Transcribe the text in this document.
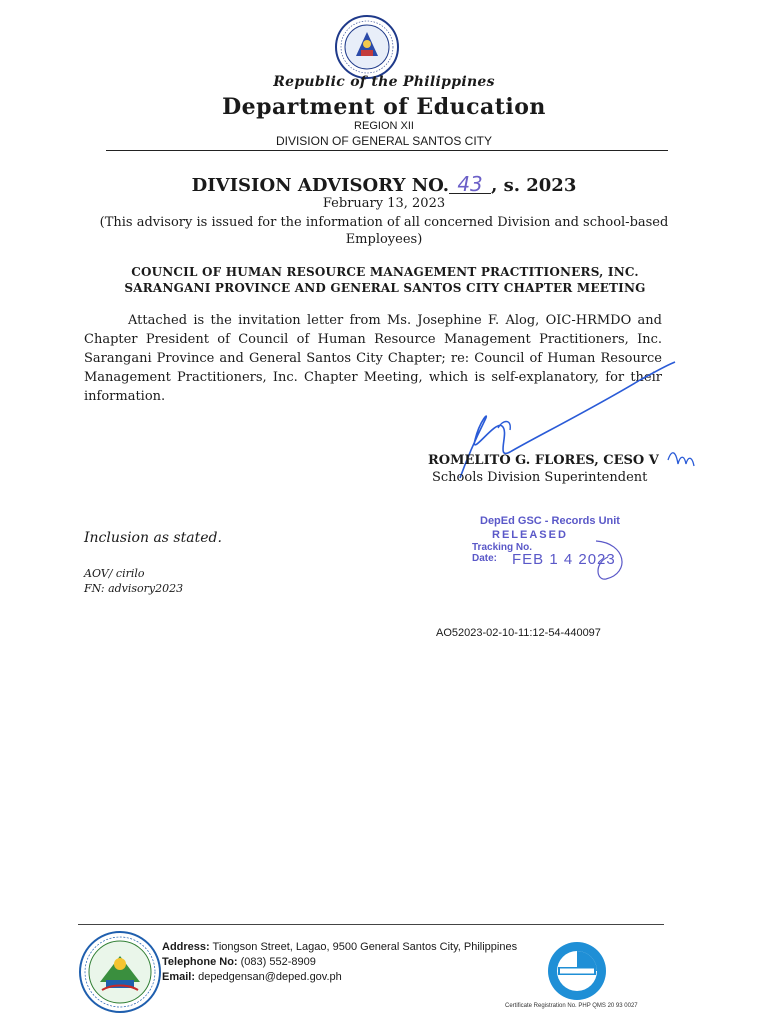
Republic of the Philippines
Department of Education
REGION XII
DIVISION OF GENERAL SANTOS CITY
DIVISION ADVISORY NO. 43 , s. 2023
February 13, 2023
(This advisory is issued for the information of all concerned Division and school-based Employees)
COUNCIL OF HUMAN RESOURCE MANAGEMENT PRACTITIONERS, INC.
SARANGANI PROVINCE AND GENERAL SANTOS CITY CHAPTER MEETING
Attached is the invitation letter from Ms. Josephine F. Alog, OIC-HRMDO and Chapter President of Council of Human Resource Management Practitioners, Inc. Sarangani Province and General Santos City Chapter; re: Council of Human Resource Management Practitioners, Inc. Chapter Meeting, which is self-explanatory, for their information.
ROMELITO G. FLORES, CESO V
Schools Division Superintendent
Inclusion as stated.
AOV/ cirilo
FN: advisory2023
DepEd GSC - Records Unit
RELEASED
Tracking No.
Date: FEB 1 4 2023
AO52023-02-10-11:12-54-440097
Address: Tiongson Street, Lagao, 9500 General Santos City, Philippines
Telephone No: (083) 552-8909
Email: depedgensan@deped.gov.ph
Certificate Registration No. PHP QMS 20 93 0027
